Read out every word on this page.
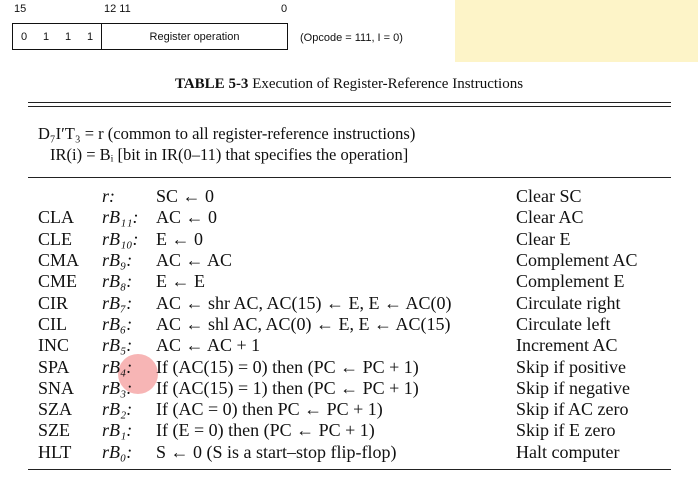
15	12 11	0
0	1	1	1	Register operation	(Opcode = 111, I = 0)
TABLE 5-3 Execution of Register-Reference Instructions
D₇I′T₃ = r (common to all register-reference instructions)
IR(i) = Bᵢ [bit in IR(0–11) that specifies the operation]
	r:	SC ← 0	Clear SC
CLA	rB₁₁:	AC ← 0	Clear AC
CLE	rB₁₀:	E ← 0	Clear E
CMA	rB₉:	AC ← AC	Complement AC
CME	rB₈:	E ← E	Complement E
CIR	rB₇:	AC ← shr AC, AC(15) ← E, E ← AC(0)	Circulate right
CIL	rB₆:	AC ← shl AC, AC(0) ← E, E ← AC(15)	Circulate left
INC	rB₅:	AC ← AC + 1	Increment AC
SPA	rB₄:	If (AC(15) = 0) then (PC ← PC + 1)	Skip if positive
SNA	rB₃:	If (AC(15) = 1) then (PC ← PC + 1)	Skip if negative
SZA	rB₂:	If (AC = 0) then PC ← PC + 1)	Skip if AC zero
SZE	rB₁:	If (E = 0) then (PC ← PC + 1)	Skip if E zero
HLT	rB₀:	S ← 0 (S is a start–stop flip-flop)	Halt computer
